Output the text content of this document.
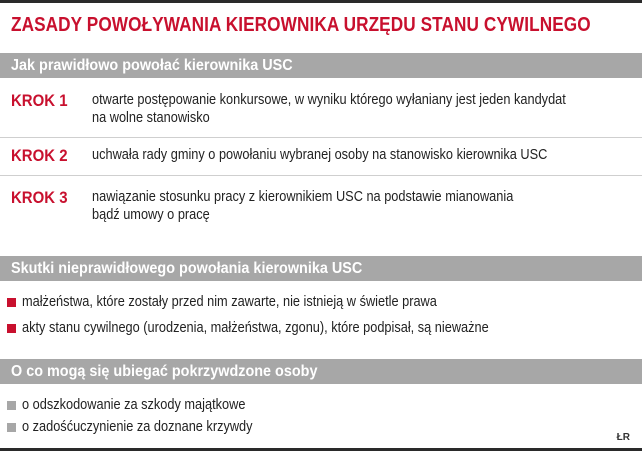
ZASADY POWOŁYWANIA KIEROWNIKA URZĘDU STANU CYWILNEGO
Jak prawidłowo powołać kierownika USC
KROK 1 otwarte postępowanie konkursowe, w wyniku którego wyłaniany jest jeden kandydat
na wolne stanowisko
KROK 2 uchwała rady gminy o powołaniu wybranej osoby na stanowisko kierownika USC
KROK 3 nawiązanie stosunku pracy z kierownikiem USC na podstawie mianowania
bądź umowy o pracę
Skutki nieprawidłowego powołania kierownika USC
małżeństwa, które zostały przed nim zawarte, nie istnieją w świetle prawa
akty stanu cywilnego (urodzenia, małżeństwa, zgonu), które podpisał, są nieważne
O co mogą się ubiegać pokrzywdzone osoby
o odszkodowanie za szkody majątkowe
o zadośćuczynienie za doznane krzywdy
ŁR
